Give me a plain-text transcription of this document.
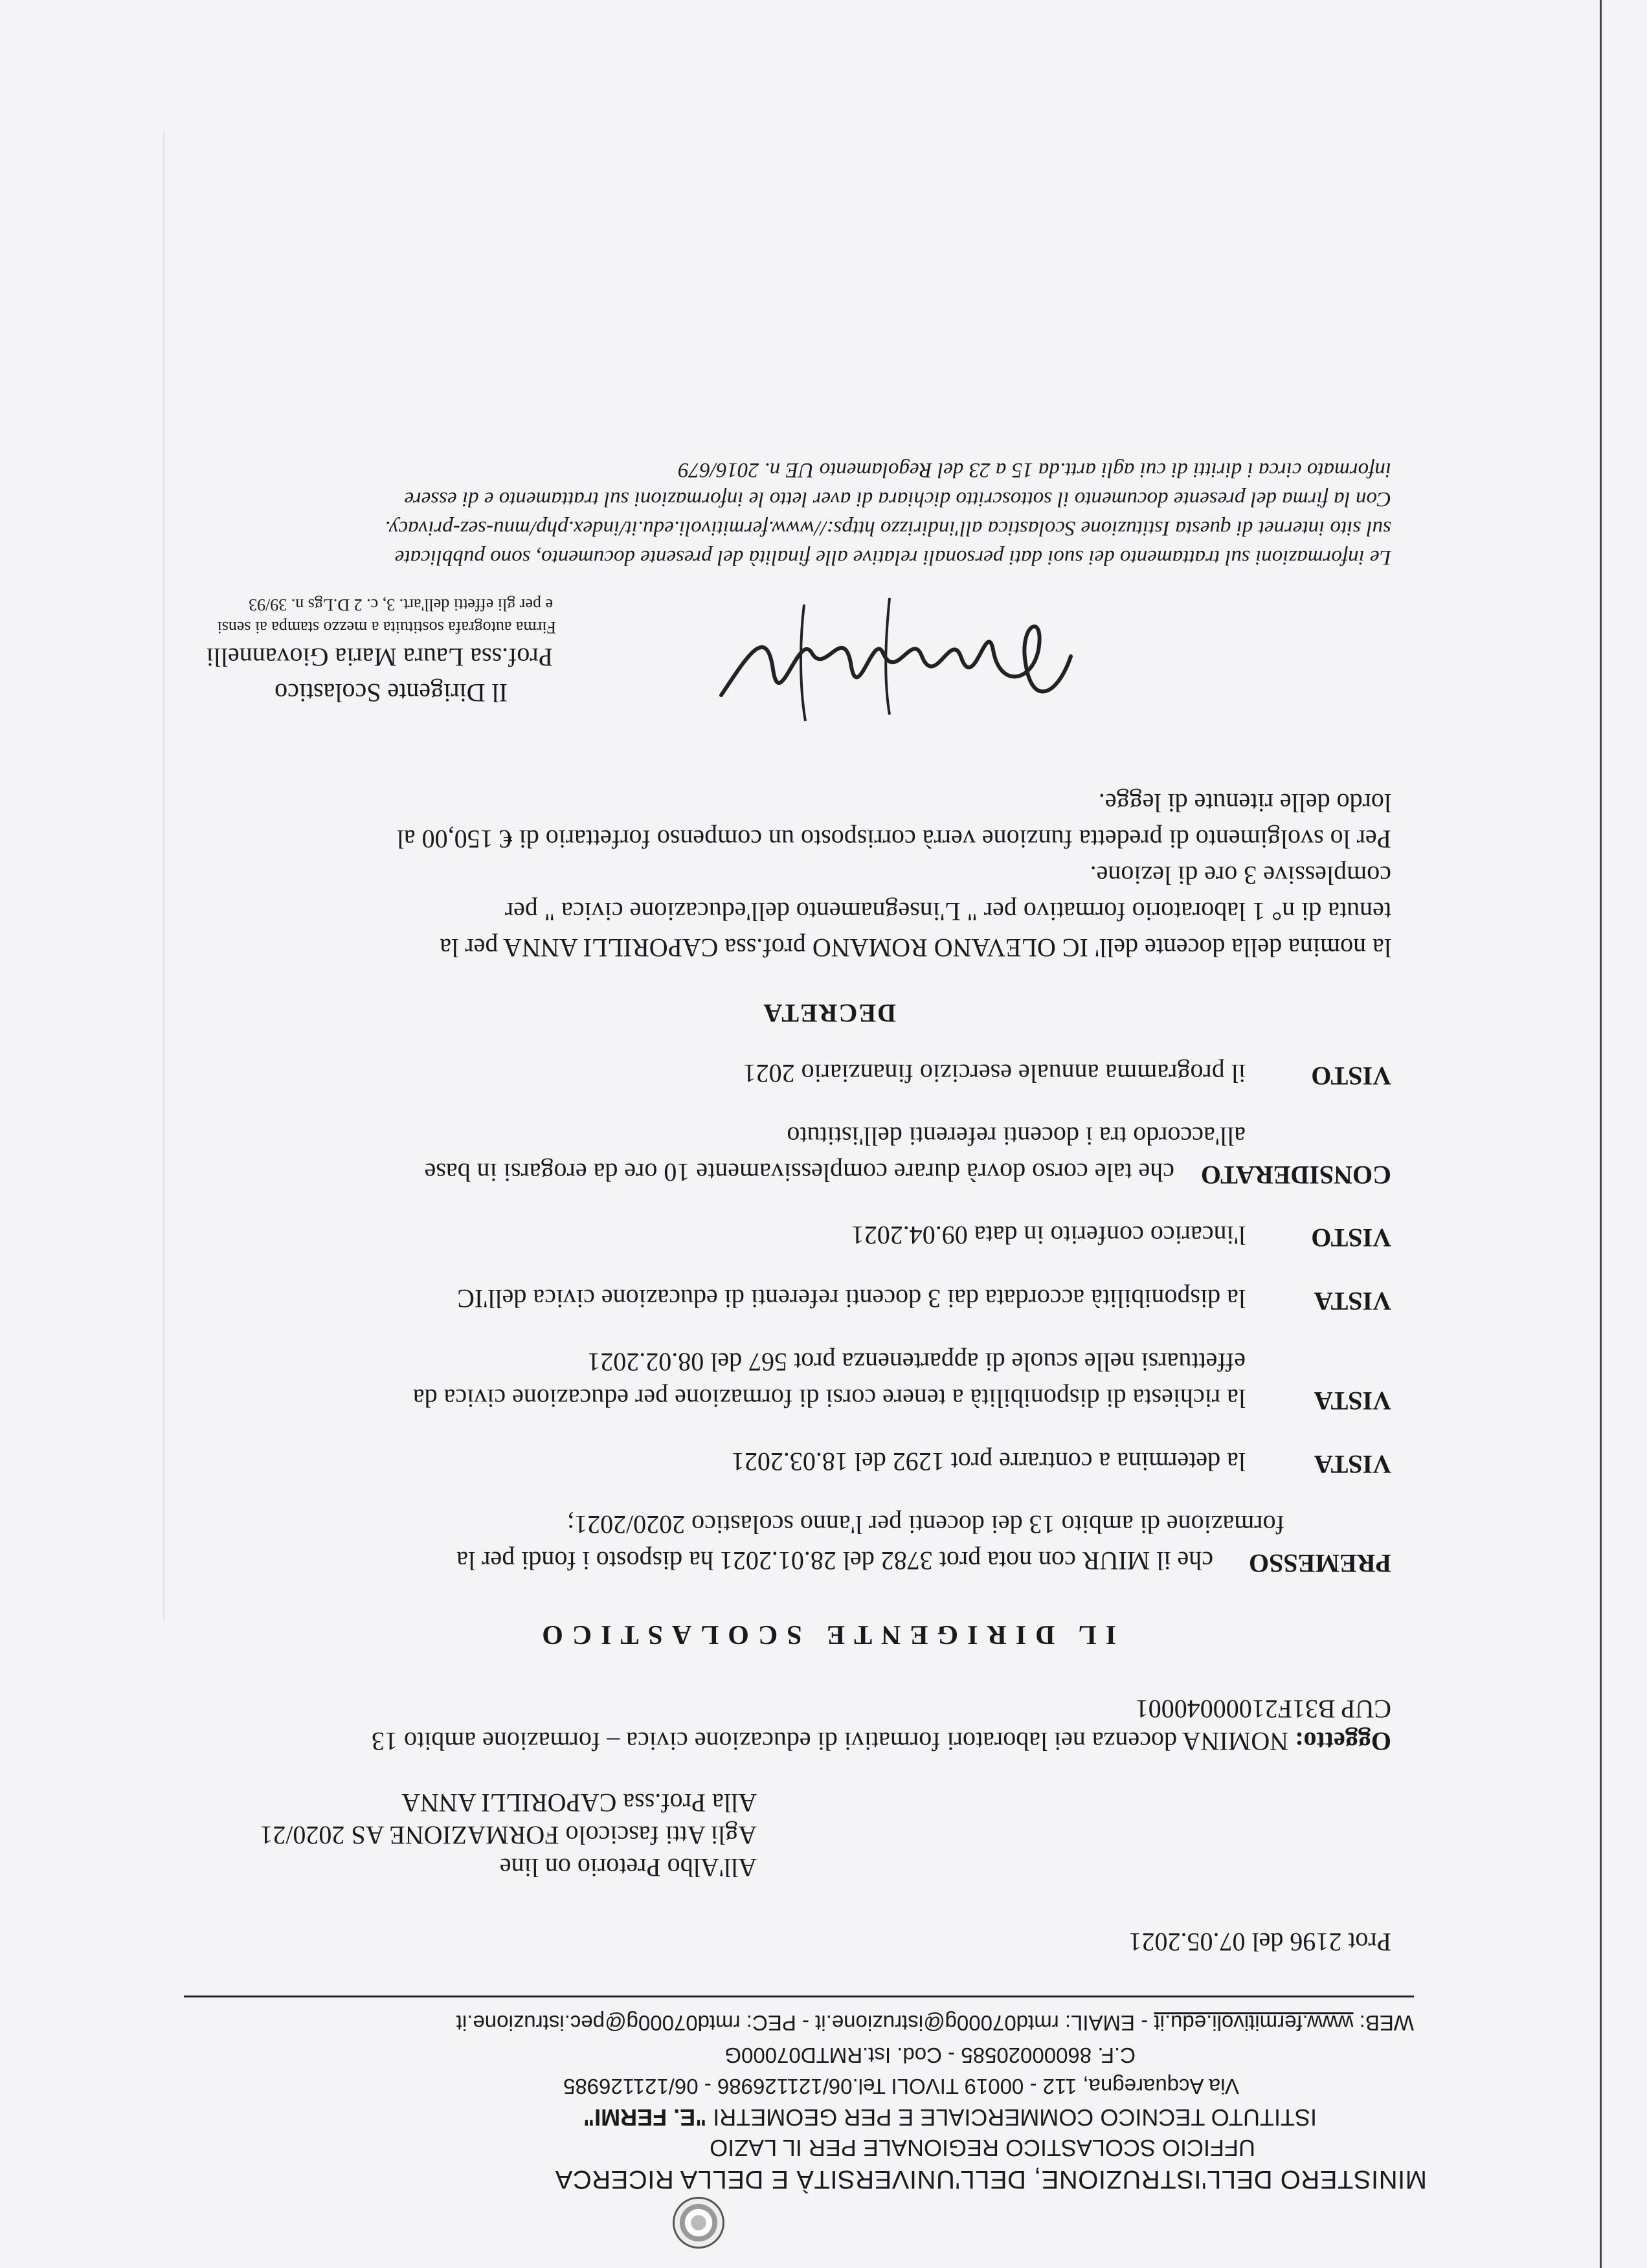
MINISTERO DELL'ISTRUZIONE, DELL'UNIVERSITÀ E DELLA RICERCA
UFFICIO SCOLASTICO REGIONALE PER IL LAZIO
ISTITUTO TECNICO COMMERCIALE E PER GEOMETRI "E. FERMI"
Via Acquaregna, 112 - 00019 TIVOLI Tel.06/121126986 - 06/121126985
C.F. 86000020585 - Cod. Ist.RMTD07000G
WEB: www.fermitivoli.edu.it - EMAIL: rmtd07000g@istruzione.it - PEC: rmtd07000g@pec.istruzione.it
Prot 2196 del 07.05.2021
All'Albo Pretorio on line
Agli Atti fascicolo FORMAZIONE AS 2020/21
Alla Prof.ssa CAPORILLI ANNA
Oggetto: NOMINA docenza nei laboratori formativi di educazione civica – formazione ambito 13
CUP B31F21000040001
IL DIRIGENTE SCOLASTICO
PREMESSO
che il MIUR con nota prot 3782 del 28.01.2021 ha disposto i fondi per la
formazione di ambito 13 dei docenti per l'anno scolastico 2020/2021;
VISTA
la determina a contrarre prot 1292 del 18.03.2021
VISTA
la richiesta di disponibilità a tenere corsi di formazione per educazione civica da
effettuarsi nelle scuole di appartenenza prot 567 del 08.02.2021
VISTA
la disponibilità accordata dai 3 docenti referenti di educazione civica dell'IC
VISTO
l'incarico conferito in data 09.04.2021
CONSIDERATO
che tale corso dovrà durare complessivamente 10 ore da erogarsi in base
all'accordo tra i docenti referenti dell'istituto
VISTO
il programma annuale esercizio finanziario 2021
DECRETA
la nomina della docente dell' IC OLEVANO ROMANO prof.ssa CAPORILLI ANNA per la
tenuta di n° 1 laboratorio formativo per " L'insegnamento dell'educazione civica " per
complessive 3 ore di lezione.
Per lo svolgimento di predetta funzione verrà corrisposto un compenso forfettario di € 150,00 al
lordo delle ritenute di legge.
Il Dirigente Scolastico
Prof.ssa Laura Maria Giovannelli
Firma autografa sostituita a mezzo stampa ai sensi
e per gli effetti dell'art. 3, c. 2 D.Lgs n. 39/93
Le informazioni sul trattamento dei suoi dati personali relative alle finalità del presente documento, sono pubblicate
sul sito internet di questa Istituzione Scolastica all'indirizzo https://www.fermitivoli.edu.it/index.php/mnu-sez-privacy.
Con la firma del presente documento il sottoscritto dichiara di aver letto le informazioni sul trattamento e di essere
informato circa i diritti di cui agli artt.da 15 a 23 del Regolamento UE n. 2016/679
